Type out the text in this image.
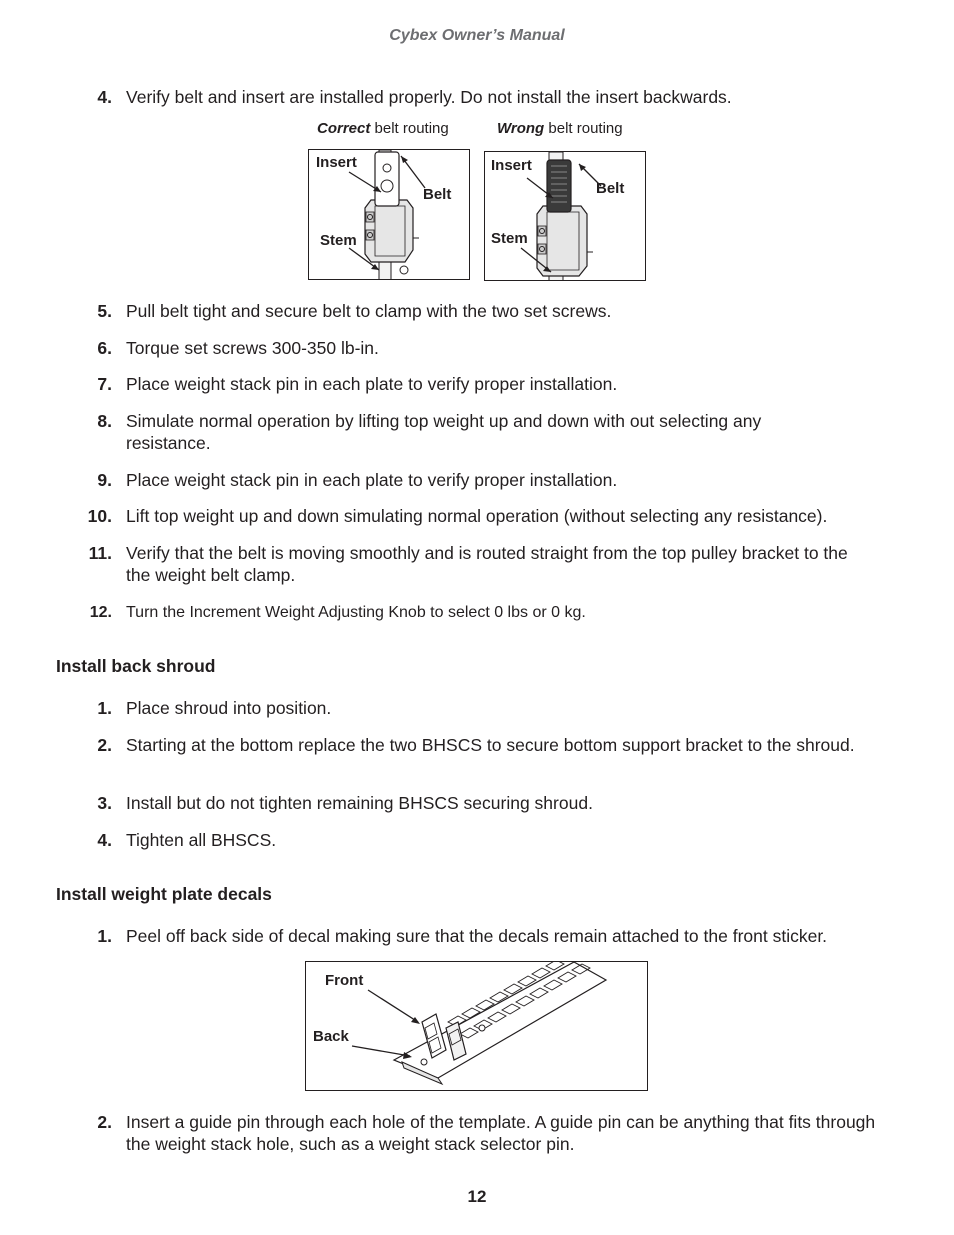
Cybex Owner’s Manual
4. Verify belt and insert are installed properly. Do not install the insert backwards.
Correct belt routing	Wrong belt routing
Insert
Belt
Stem
Insert
Belt
Stem
5. Pull belt tight and secure belt to clamp with the two set screws.
6. Torque set screws 300-350 lb-in.
7. Place weight stack pin in each plate to verify proper installation.
8. Simulate normal operation by lifting top weight up and down with out selecting any resistance.
9. Place weight stack pin in each plate to verify proper installation.
10. Lift top weight up and down simulating normal operation (without selecting any resistance).
11. Verify that the belt is moving smoothly and is routed straight from the top pulley bracket to the the weight belt clamp.
12. Turn the Increment Weight Adjusting Knob to select 0 lbs or 0 kg.
Install back shroud
1. Place shroud into position.
2. Starting at the bottom replace the two BHSCS to secure bottom support bracket to the shroud.
3. Install but do not tighten remaining BHSCS securing shroud.
4. Tighten all BHSCS.
Install weight plate decals
1. Peel off back side of decal making sure that the decals remain attached to the front sticker.
Front
Back
2. Insert a guide pin through each hole of the template. A guide pin can be anything that fits through the weight stack hole, such as a weight stack selector pin.
12
